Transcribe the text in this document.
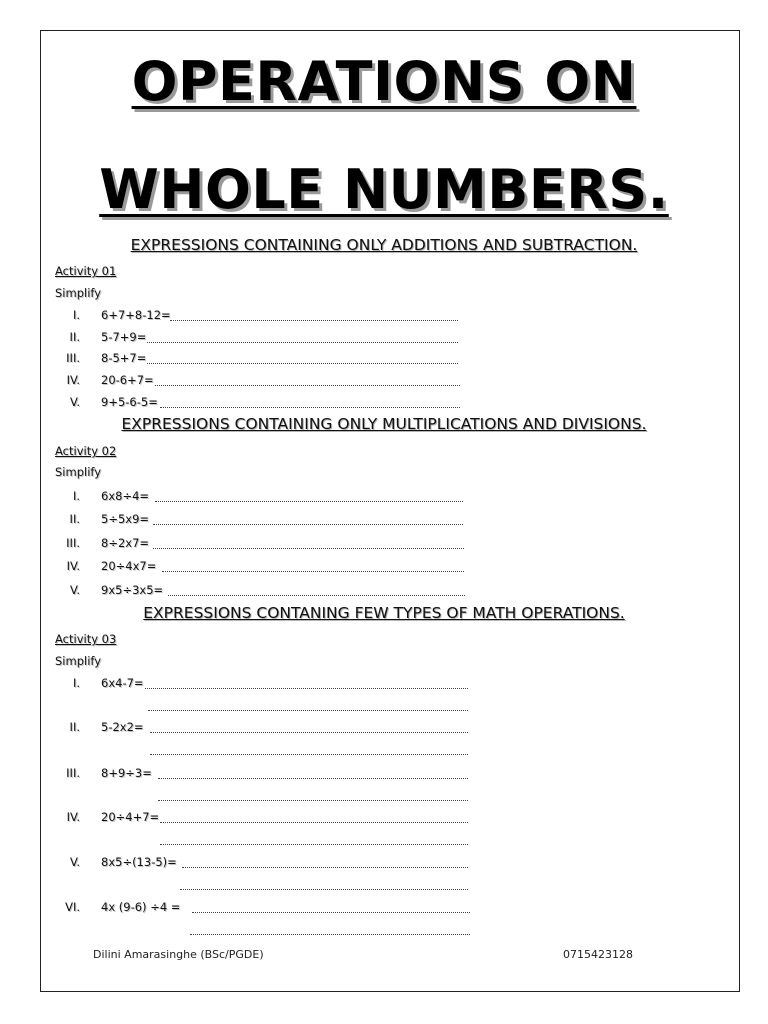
OPERATIONS ON
WHOLE NUMBERS.
EXPRESSIONS CONTAINING ONLY ADDITIONS AND SUBTRACTION.
Activity 01
Simplify
I. 6+7+8-12=
II. 5-7+9=
III. 8-5+7=
IV. 20-6+7=
V. 9+5-6-5=
EXPRESSIONS CONTAINING ONLY MULTIPLICATIONS AND DIVISIONS.
Activity 02
Simplify
I. 6x8÷4=
II. 5÷5x9=
III. 8÷2x7=
IV. 20÷4x7=
V. 9x5÷3x5=
EXPRESSIONS CONTANING FEW TYPES OF MATH OPERATIONS.
Activity 03
Simplify
I. 6x4-7=
II. 5-2x2=
III. 8+9÷3=
IV. 20÷4+7=
V. 8x5÷(13-5)=
VI. 4x (9-6) ÷4 =
Dilini Amarasinghe (BSc/PGDE)	0715423128
